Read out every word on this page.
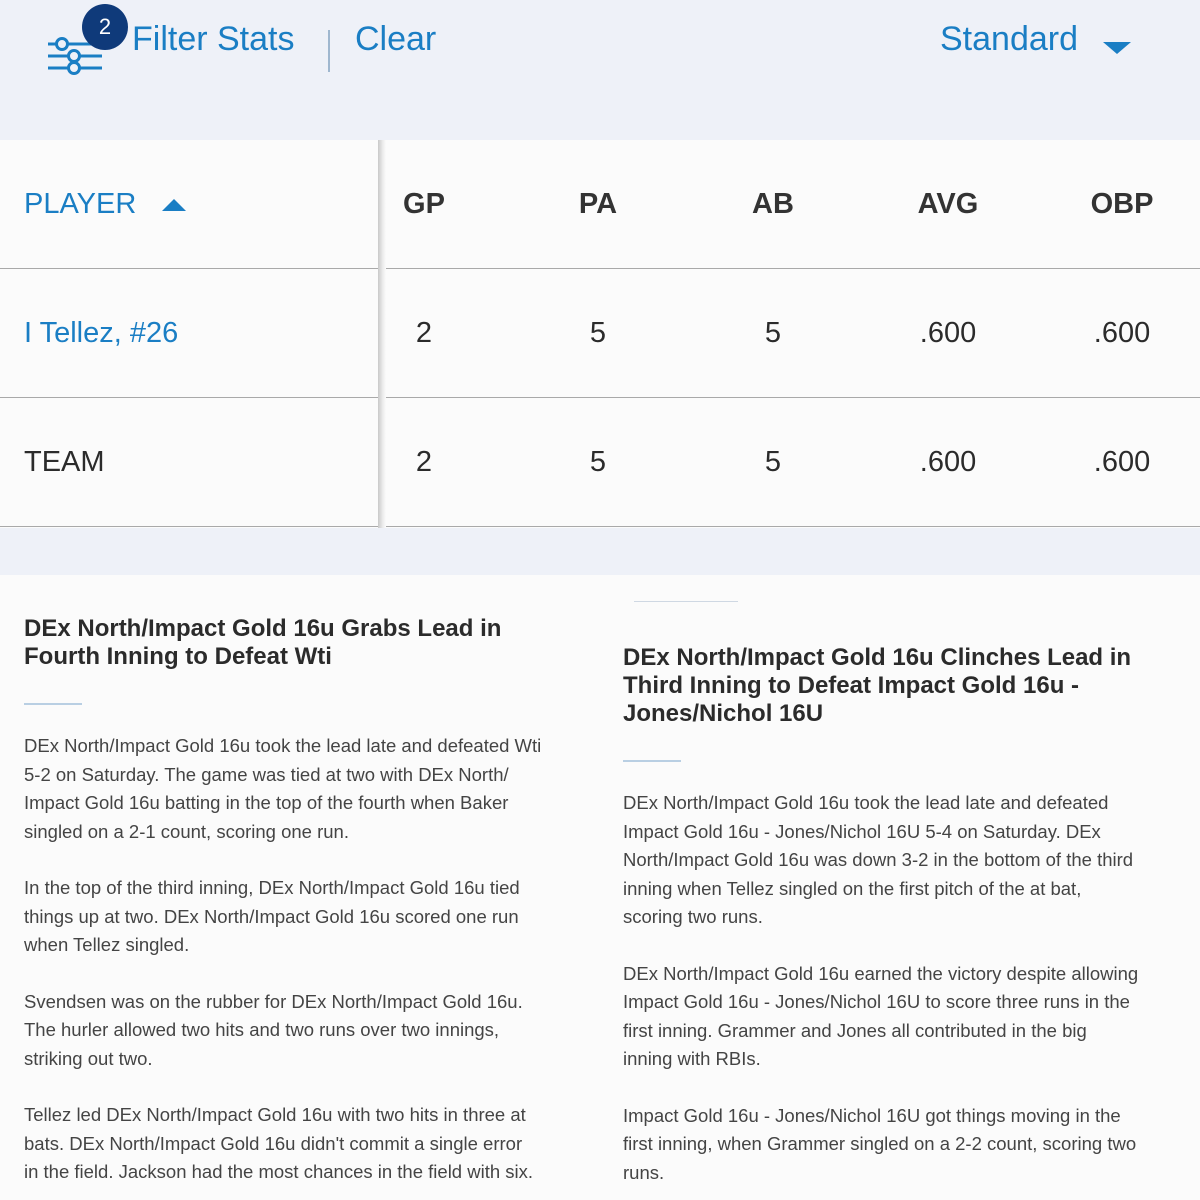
2 Filter Stats Clear	Standard
PLAYER	GP	PA	AB	AVG	OBP
I Tellez, #26	2	5	5	.600	.600
TEAM	2	5	5	.600	.600
DEx North/Impact Gold 16u Grabs Lead in
Fourth Inning to Defeat Wti

DEx North/Impact Gold 16u took the lead late and defeated Wti
5-2 on Saturday. The game was tied at two with DEx North/
Impact Gold 16u batting in the top of the fourth when Baker
singled on a 2-1 count, scoring one run.

In the top of the third inning, DEx North/Impact Gold 16u tied
things up at two. DEx North/Impact Gold 16u scored one run
when Tellez singled.

Svendsen was on the rubber for DEx North/Impact Gold 16u.
The hurler allowed two hits and two runs over two innings,
striking out two.

Tellez led DEx North/Impact Gold 16u with two hits in three at
bats. DEx North/Impact Gold 16u didn't commit a single error
in the field. Jackson had the most chances in the field with six.

DEx North/Impact Gold 16u Clinches Lead in
Third Inning to Defeat Impact Gold 16u -
Jones/Nichol 16U

DEx North/Impact Gold 16u took the lead late and defeated
Impact Gold 16u - Jones/Nichol 16U 5-4 on Saturday. DEx
North/Impact Gold 16u was down 3-2 in the bottom of the third
inning when Tellez singled on the first pitch of the at bat,
scoring two runs.

DEx North/Impact Gold 16u earned the victory despite allowing
Impact Gold 16u - Jones/Nichol 16U to score three runs in the
first inning. Grammer and Jones all contributed in the big
inning with RBIs.

Impact Gold 16u - Jones/Nichol 16U got things moving in the
first inning, when Grammer singled on a 2-2 count, scoring two
runs.
